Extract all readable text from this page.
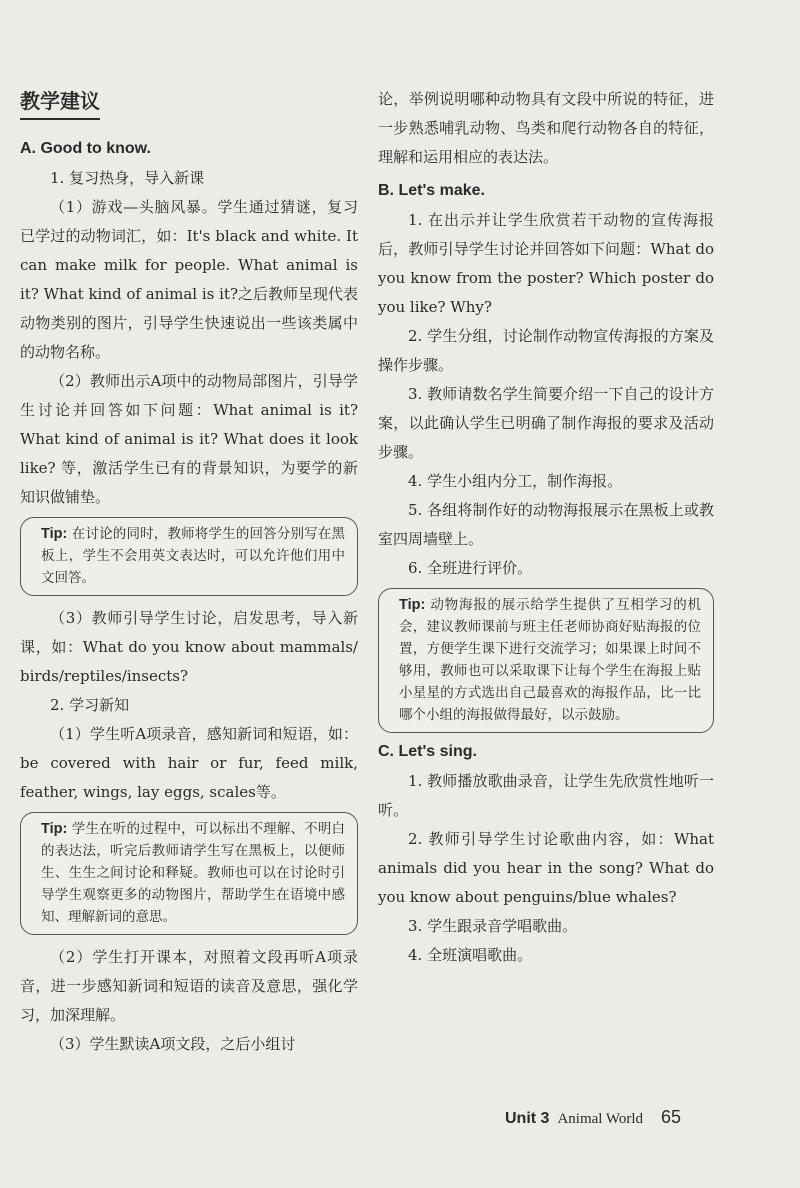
教学建议
A. Good to know.

1. 复习热身，导入新课

（1）游戏—头脑风暴。学生通过猜谜，复习已学过的动物词汇，如：It's black and white. It can make milk for people. What animal is it? What kind of animal is it?之后教师呈现代表动物类别的图片，引导学生快速说出一些该类属中的动物名称。

（2）教师出示A项中的动物局部图片，引导学生讨论并回答如下问题：What animal is it? What kind of animal is it? What does it look like? 等，激活学生已有的背景知识，为要学的新知识做铺垫。

Tip: 在讨论的同时，教师将学生的回答分别写在黑板上，学生不会用英文表达时，可以允许他们用中文回答。

（3）教师引导学生讨论，启发思考，导入新课，如：What do you know about mammals/ birds/reptiles/insects?

2. 学习新知

（1）学生听A项录音，感知新词和短语，如：be covered with hair or fur, feed milk, feather, wings, lay eggs, scales等。

Tip: 学生在听的过程中，可以标出不理解、不明白的表达法，听完后教师请学生写在黑板上，以便师生、生生之间讨论和释疑。教师也可以在讨论时引导学生观察更多的动物图片，帮助学生在语境中感知、理解新词的意思。

（2）学生打开课本，对照着文段再听A项录音，进一步感知新词和短语的读音及意思，强化学习，加深理解。

（3）学生默读A项文段，之后小组讨

论，举例说明哪种动物具有文段中所说的特征，进一步熟悉哺乳动物、鸟类和爬行动物各自的特征，理解和运用相应的表达法。

B. Let's make.

1. 在出示并让学生欣赏若干动物的宣传海报后，教师引导学生讨论并回答如下问题：What do you know from the poster? Which poster do you like? Why?

2. 学生分组，讨论制作动物宣传海报的方案及操作步骤。

3. 教师请数名学生简要介绍一下自己的设计方案，以此确认学生已明确了制作海报的要求及活动步骤。

4. 学生小组内分工，制作海报。

5. 各组将制作好的动物海报展示在黑板上或教室四周墙壁上。

6. 全班进行评价。

Tip: 动物海报的展示给学生提供了互相学习的机会，建议教师课前与班主任老师协商好贴海报的位置，方便学生课下进行交流学习；如果课上时间不够用，教师也可以采取课下让每个学生在海报上贴小星星的方式选出自己最喜欢的海报作品，比一比哪个小组的海报做得最好，以示鼓励。
C. Let's sing.

1. 教师播放歌曲录音，让学生先欣赏性地听一听。

2. 教师引导学生讨论歌曲内容，如：What animals did you hear in the song? What do you know about penguins/blue whales?

3. 学生跟录音学唱歌曲。

4. 全班演唱歌曲。

Unit 3 Animal World 65
